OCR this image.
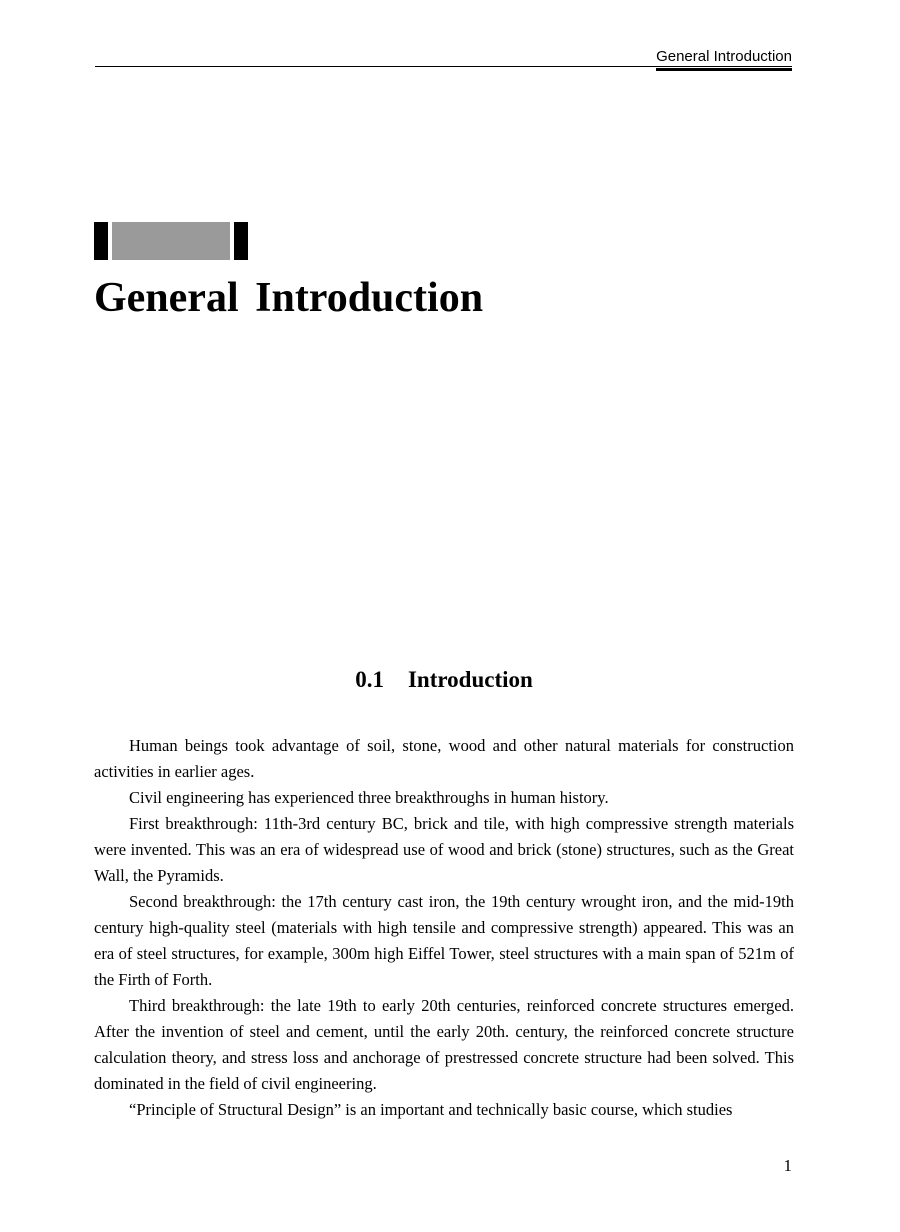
General Introduction
General Introduction
0.1 Introduction

Human beings took advantage of soil, stone, wood and other natural materials for construction activities in earlier ages.

Civil engineering has experienced three breakthroughs in human history.

First breakthrough: 11th-3rd century BC, brick and tile, with high compressive strength materials were invented. This was an era of widespread use of wood and brick (stone) structures, such as the Great Wall, the Pyramids.

Second breakthrough: the 17th century cast iron, the 19th century wrought iron, and the mid-19th century high-quality steel (materials with high tensile and compressive strength) appeared. This was an era of steel structures, for example, 300m high Eiffel Tower, steel structures with a main span of 521m of the Firth of Forth.

Third breakthrough: the late 19th to early 20th centuries, reinforced concrete structures emerged. After the invention of steel and cement, until the early 20th. century, the reinforced concrete structure calculation theory, and stress loss and anchorage of prestressed concrete structure had been solved. This dominated in the field of civil engineering.

“Principle of Structural Design” is an important and technically basic course, which studies

1
